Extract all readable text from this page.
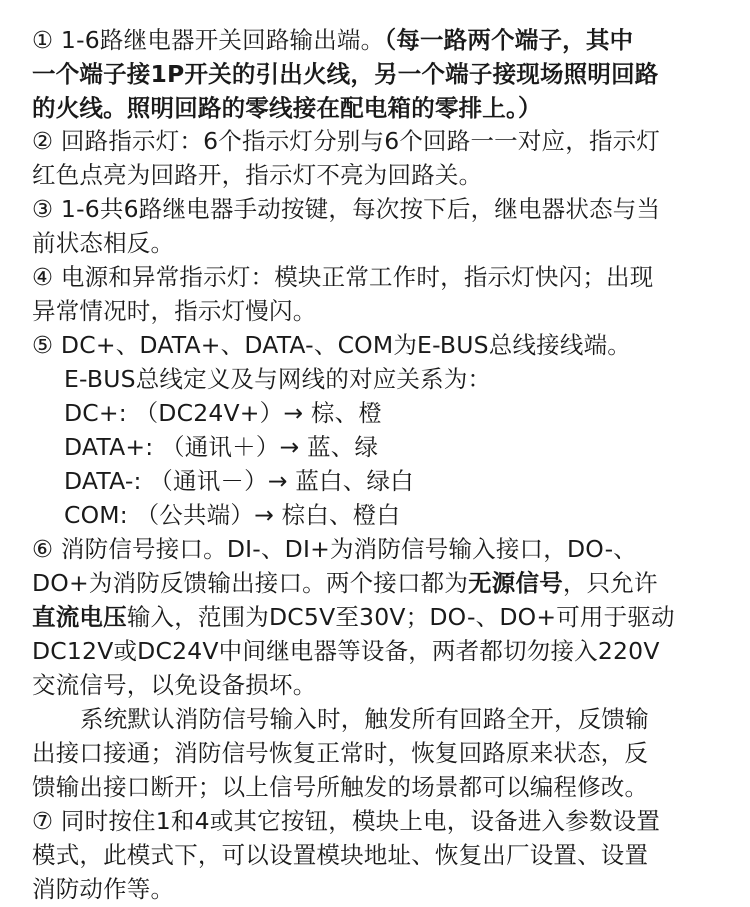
① 1-6路继电器开关回路输出端。（每一路两个端子，其中
一个端子接1P开关的引出火线，另一个端子接现场照明回路
的火线。照明回路的零线接在配电箱的零排上。）
② 回路指示灯：6个指示灯分别与6个回路一一对应，指示灯
红色点亮为回路开，指示灯不亮为回路关。
③ 1-6共6路继电器手动按键，每次按下后，继电器状态与当
前状态相反。
④ 电源和异常指示灯：模块正常工作时，指示灯快闪；出现
异常情况时，指示灯慢闪。
⑤ DC+、DATA+、DATA-、COM为E-BUS总线接线端。
E-BUS总线定义及与网线的对应关系为：
DC+: （DC24V+）→ 棕、橙
DATA+: （通讯＋）→ 蓝、绿
DATA-: （通讯－）→ 蓝白、绿白
COM: （公共端）→ 棕白、橙白
⑥ 消防信号接口。DI-、DI+为消防信号输入接口，DO-、
DO+为消防反馈输出接口。两个接口都为无源信号，只允许
直流电压输入，范围为DC5V至30V；DO-、DO+可用于驱动
DC12V或DC24V中间继电器等设备，两者都切勿接入220V
交流信号，以免设备损坏。
系统默认消防信号输入时，触发所有回路全开，反馈输
出接口接通；消防信号恢复正常时，恢复回路原来状态，反
馈输出接口断开；以上信号所触发的场景都可以编程修改。
⑦ 同时按住1和4或其它按钮，模块上电，设备进入参数设置
模式，此模式下，可以设置模块地址、恢复出厂设置、设置
消防动作等。
